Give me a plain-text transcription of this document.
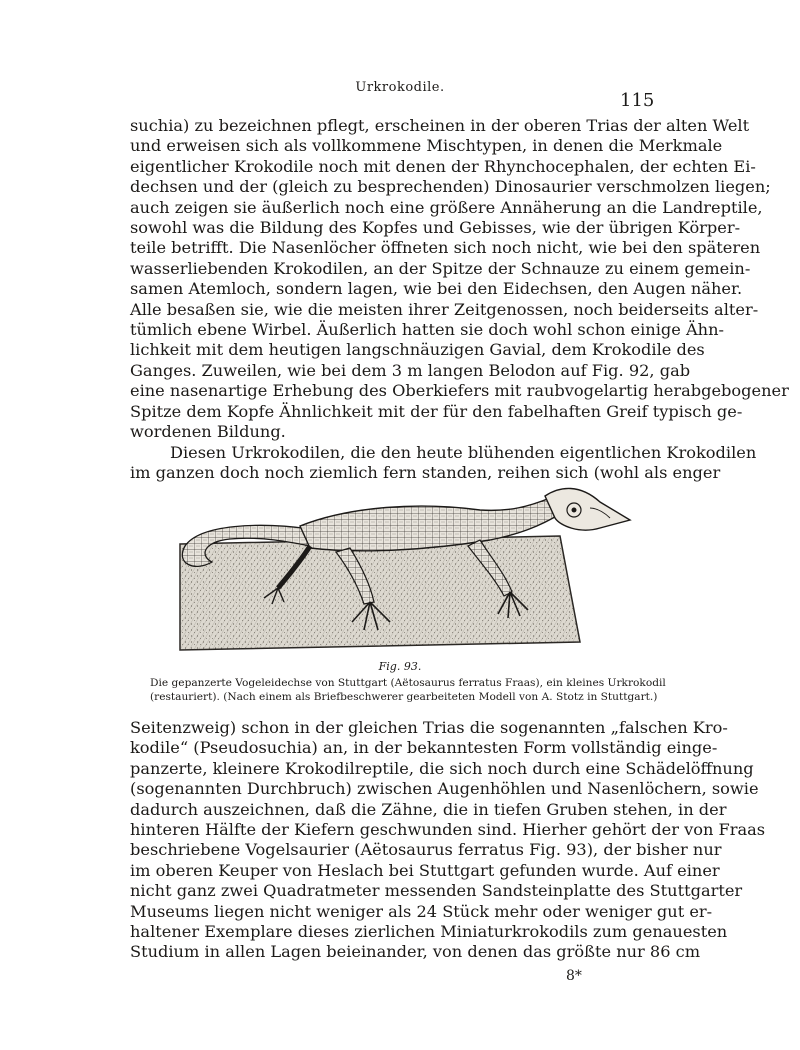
Urkrokodile.
115
suchia) zu bezeichnen pflegt, erscheinen in der oberen Trias der alten Welt
und erweisen sich als vollkommene Mischtypen, in denen die Merkmale
eigentlicher Krokodile noch mit denen der Rhynchocephalen, der echten Ei-
dechsen und der (gleich zu besprechenden) Dinosaurier verschmolzen liegen;
auch zeigen sie äußerlich noch eine größere Annäherung an die Landreptile,
sowohl was die Bildung des Kopfes und Gebisses, wie der übrigen Körper-
teile betrifft. Die Nasenlöcher öffneten sich noch nicht, wie bei den späteren
wasserliebenden Krokodilen, an der Spitze der Schnauze zu einem gemein-
samen Atemloch, sondern lagen, wie bei den Eidechsen, den Augen näher.
Alle besaßen sie, wie die meisten ihrer Zeitgenossen, noch beiderseits alter-
tümlich ebene Wirbel. Äußerlich hatten sie doch wohl schon einige Ähn-
lichkeit mit dem heutigen langschnäuzigen Gavial, dem Krokodile des
Ganges. Zuweilen, wie bei dem 3 m langen Belodon auf Fig. 92, gab
eine nasenartige Erhebung des Oberkiefers mit raubvogelartig herabgebogener
Spitze dem Kopfe Ähnlichkeit mit der für den fabelhaften Greif typisch ge-
wordenen Bildung.
Diesen Urkrokodilen, die den heute blühenden eigentlichen Krokodilen
im ganzen doch noch ziemlich fern standen, reihen sich (wohl als enger
Fig. 93.
Die gepanzerte Vogeleidechse von Stuttgart (Aëtosaurus ferratus Fraas), ein kleines Urkrokodil
(restauriert). (Nach einem als Briefbeschwerer gearbeiteten Modell von A. Stotz in Stuttgart.)
Seitenzweig) schon in der gleichen Trias die sogenannten „falschen Kro-
kodile“ (Pseudosuchia) an, in der bekanntesten Form vollständig einge-
panzerte, kleinere Krokodilreptile, die sich noch durch eine Schädelöffnung
(sogenannten Durchbruch) zwischen Augenhöhlen und Nasenlöchern, sowie
dadurch auszeichnen, daß die Zähne, die in tiefen Gruben stehen, in der
hinteren Hälfte der Kiefern geschwunden sind. Hierher gehört der von Fraas
beschriebene Vogelsaurier (Aëtosaurus ferratus Fig. 93), der bisher nur
im oberen Keuper von Heslach bei Stuttgart gefunden wurde. Auf einer
nicht ganz zwei Quadratmeter messenden Sandsteinplatte des Stuttgarter
Museums liegen nicht weniger als 24 Stück mehr oder weniger gut er-
haltener Exemplare dieses zierlichen Miniaturkrokodils zum genauesten
Studium in allen Lagen beieinander, von denen das größte nur 86 cm
8*
